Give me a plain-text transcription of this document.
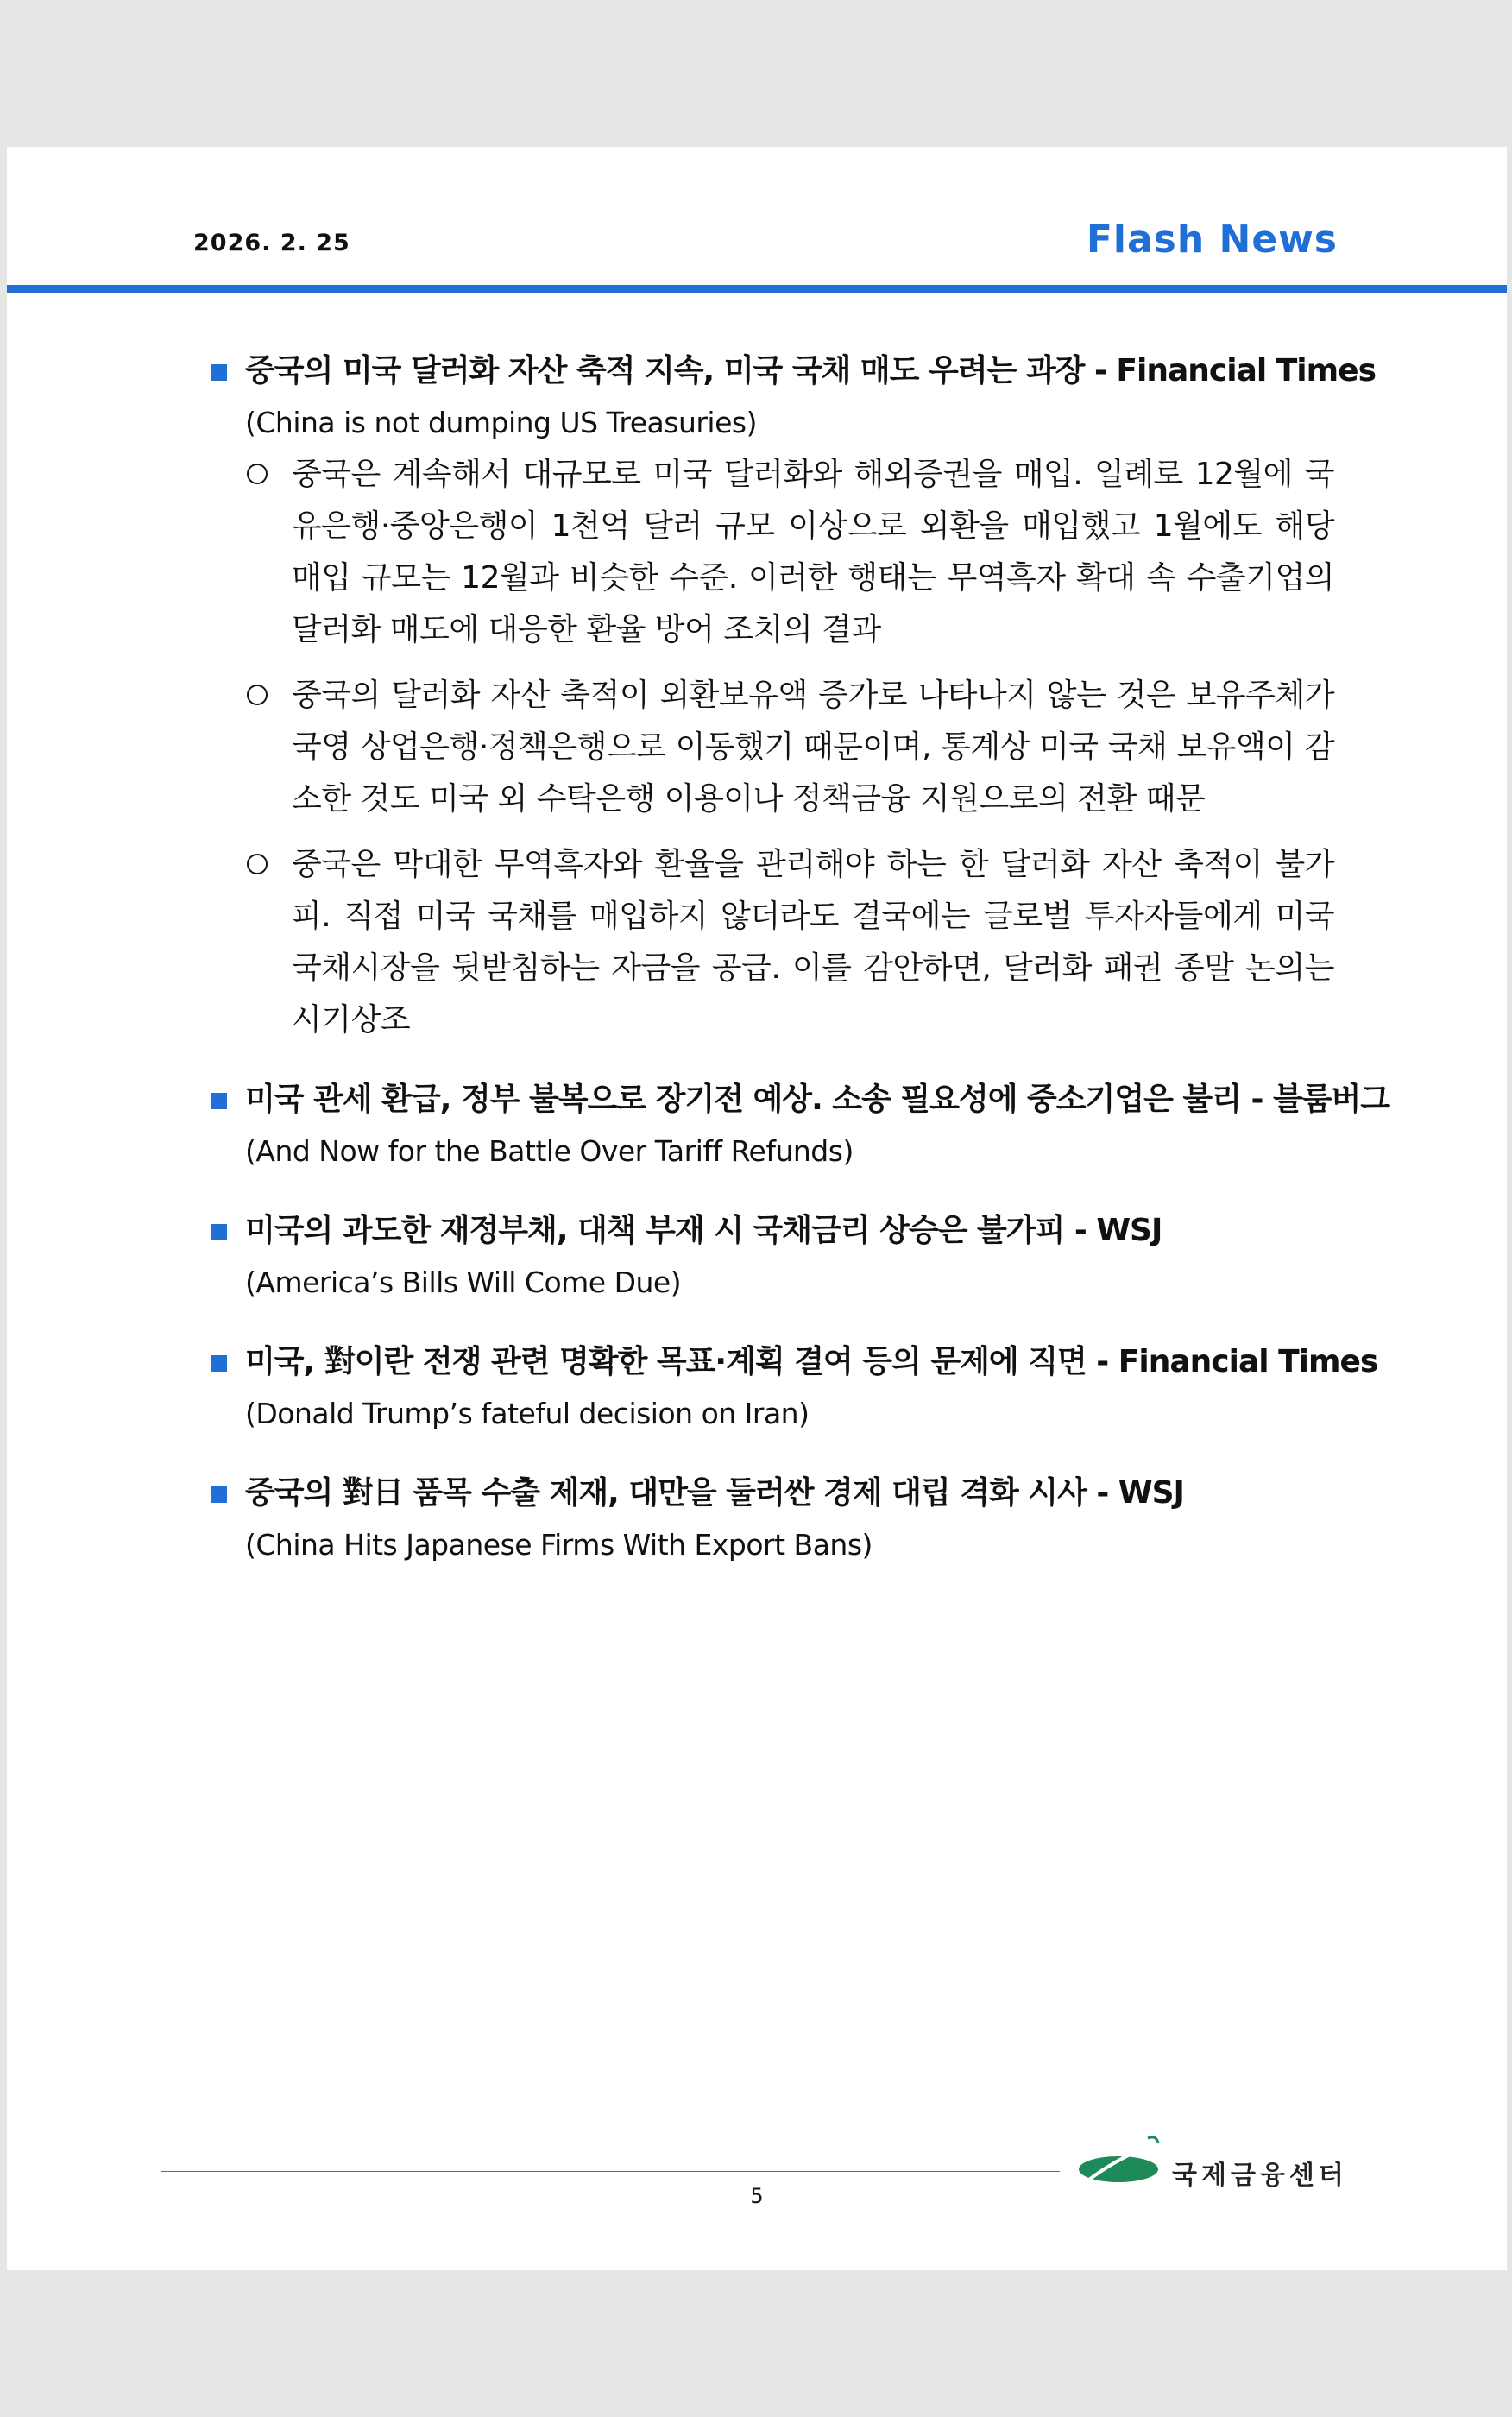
2026. 2. 25	Flash News
중국의 미국 달러화 자산 축적 지속, 미국 국채 매도 우려는 과장 - Financial Times
(China is not dumping US Treasuries)
중국은 계속해서 대규모로 미국 달러화와 해외증권을 매입. 일례로 12월에 국유은행·중앙은행이 1천억 달러 규모 이상으로 외환을 매입했고 1월에도 해당 매입 규모는 12월과 비슷한 수준. 이러한 행태는 무역흑자 확대 속 수출기업의 달러화 매도에 대응한 환율 방어 조치의 결과
중국의 달러화 자산 축적이 외환보유액 증가로 나타나지 않는 것은 보유주체가 국영 상업은행·정책은행으로 이동했기 때문이며, 통계상 미국 국채 보유액이 감소한 것도 미국 외 수탁은행 이용이나 정책금융 지원으로의 전환 때문
중국은 막대한 무역흑자와 환율을 관리해야 하는 한 달러화 자산 축적이 불가피. 직접 미국 국채를 매입하지 않더라도 결국에는 글로벌 투자자들에게 미국 국채시장을 뒷받침하는 자금을 공급. 이를 감안하면, 달러화 패권 종말 논의는 시기상조
미국 관세 환급, 정부 불복으로 장기전 예상. 소송 필요성에 중소기업은 불리 - 블룸버그
(And Now for the Battle Over Tariff Refunds)
미국의 과도한 재정부채, 대책 부재 시 국채금리 상승은 불가피 - WSJ
(America’s Bills Will Come Due)
미국, 對이란 전쟁 관련 명확한 목표·계획 결여 등의 문제에 직면 - Financial Times
(Donald Trump’s fateful decision on Iran)
중국의 對日 품목 수출 제재, 대만을 둘러싼 경제 대립 격화 시사 - WSJ
(China Hits Japanese Firms With Export Bans)
국제금융센터
5
